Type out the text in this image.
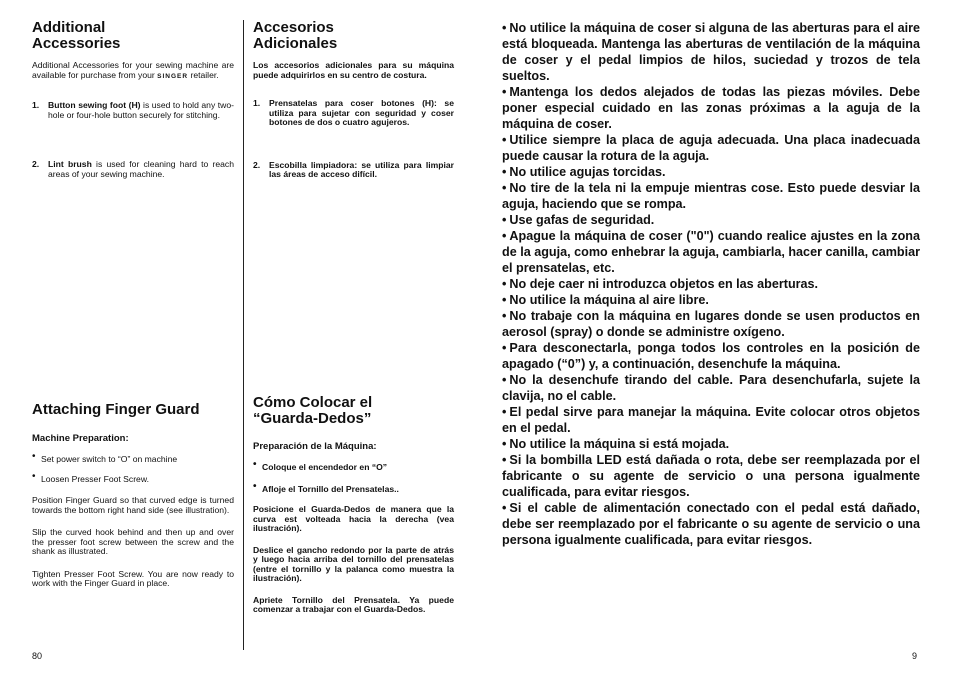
Additional Accessories

Additional Accessories for your sewing machine are available for purchase from your SINGER retailer.

1. Button sewing foot (H) is used to hold any two-hole or four-hole button securely for stitching.
2. Lint brush is used for cleaning hard to reach areas of your sewing machine.
Attaching Finger Guard

Machine Preparation:

• Set power switch to “O” on machine
• Loosen Presser Foot Screw.

Position Finger Guard so that curved edge is turned towards the bottom right hand side (see illustration).

Slip the curved hook behind and then up and over the presser foot screw between the screw and the shank as illustrated.

Tighten Presser Foot Screw. You are now ready to work with the Finger Guard in place.

Accesorios Adicionales

Los accesorios adicionales para su máquina puede adquirirlos en su centro de costura.

1. Prensatelas para coser botones (H): se utiliza para sujetar con seguridad y coser botones de dos o cuatro agujeros.
2. Escobilla limpiadora: se utiliza para limpiar las áreas de acceso difícil.
Cómo Colocar el “Guarda-Dedos”

Preparación de la Máquina:

• Coloque el encendedor en “O”
• Afloje el Tornillo del Prensatelas..

Posicione el Guarda-Dedos de manera que la curva est volteada hacia la derecha (vea ilustración).

Deslice el gancho redondo por la parte de atrás y luego hacia arriba del tornillo del prensatelas (entre el tornillo y la palanca como muestra la ilustración).

Apriete Tornillo del Prensatela. Ya puede comenzar a trabajar con el Guarda-Dedos.

• No utilice la máquina de coser si alguna de las aberturas para el aire está bloqueada. Mantenga las aberturas de ventilación de la máquina de coser y el pedal limpios de hilos, suciedad y trozos de tela sueltos.

• Mantenga los dedos alejados de todas las piezas móviles. Debe poner especial cuidado en las zonas próximas a la aguja de la máquina de coser.

• Utilice siempre la placa de aguja adecuada. Una placa inadecuada puede causar la rotura de la aguja.

• No utilice agujas torcidas.

• No tire de la tela ni la empuje mientras cose. Esto puede desviar la aguja, haciendo que se rompa.

• Use gafas de seguridad.

• Apague la máquina de coser ("0") cuando realice ajustes en la zona de la aguja, como enhebrar la aguja, cambiarla, hacer canilla, cambiar el prensatelas, etc.

• No deje caer ni introduzca objetos en las aberturas.

• No utilice la máquina al aire libre.

• No trabaje con la máquina en lugares donde se usen productos en aerosol (spray) o donde se administre oxígeno.

• Para desconectarla, ponga todos los controles en la posición de apagado (“0”) y, a continuación, desenchufe la máquina.

• No la desenchufe tirando del cable. Para desenchufarla, sujete la clavija, no el cable.

• El pedal sirve para manejar la máquina. Evite colocar otros objetos en el pedal.

• No utilice la máquina si está mojada.

• Si la bombilla LED está dañada o rota, debe ser reemplazada por el fabricante o su agente de servicio o una persona igualmente cualificada, para evitar riesgos.

• Si el cable de alimentación conectado con el pedal está dañado, debe ser reemplazado por el fabricante o su agente de servicio o una persona igualmente cualificada, para evitar riesgos.

80	9
